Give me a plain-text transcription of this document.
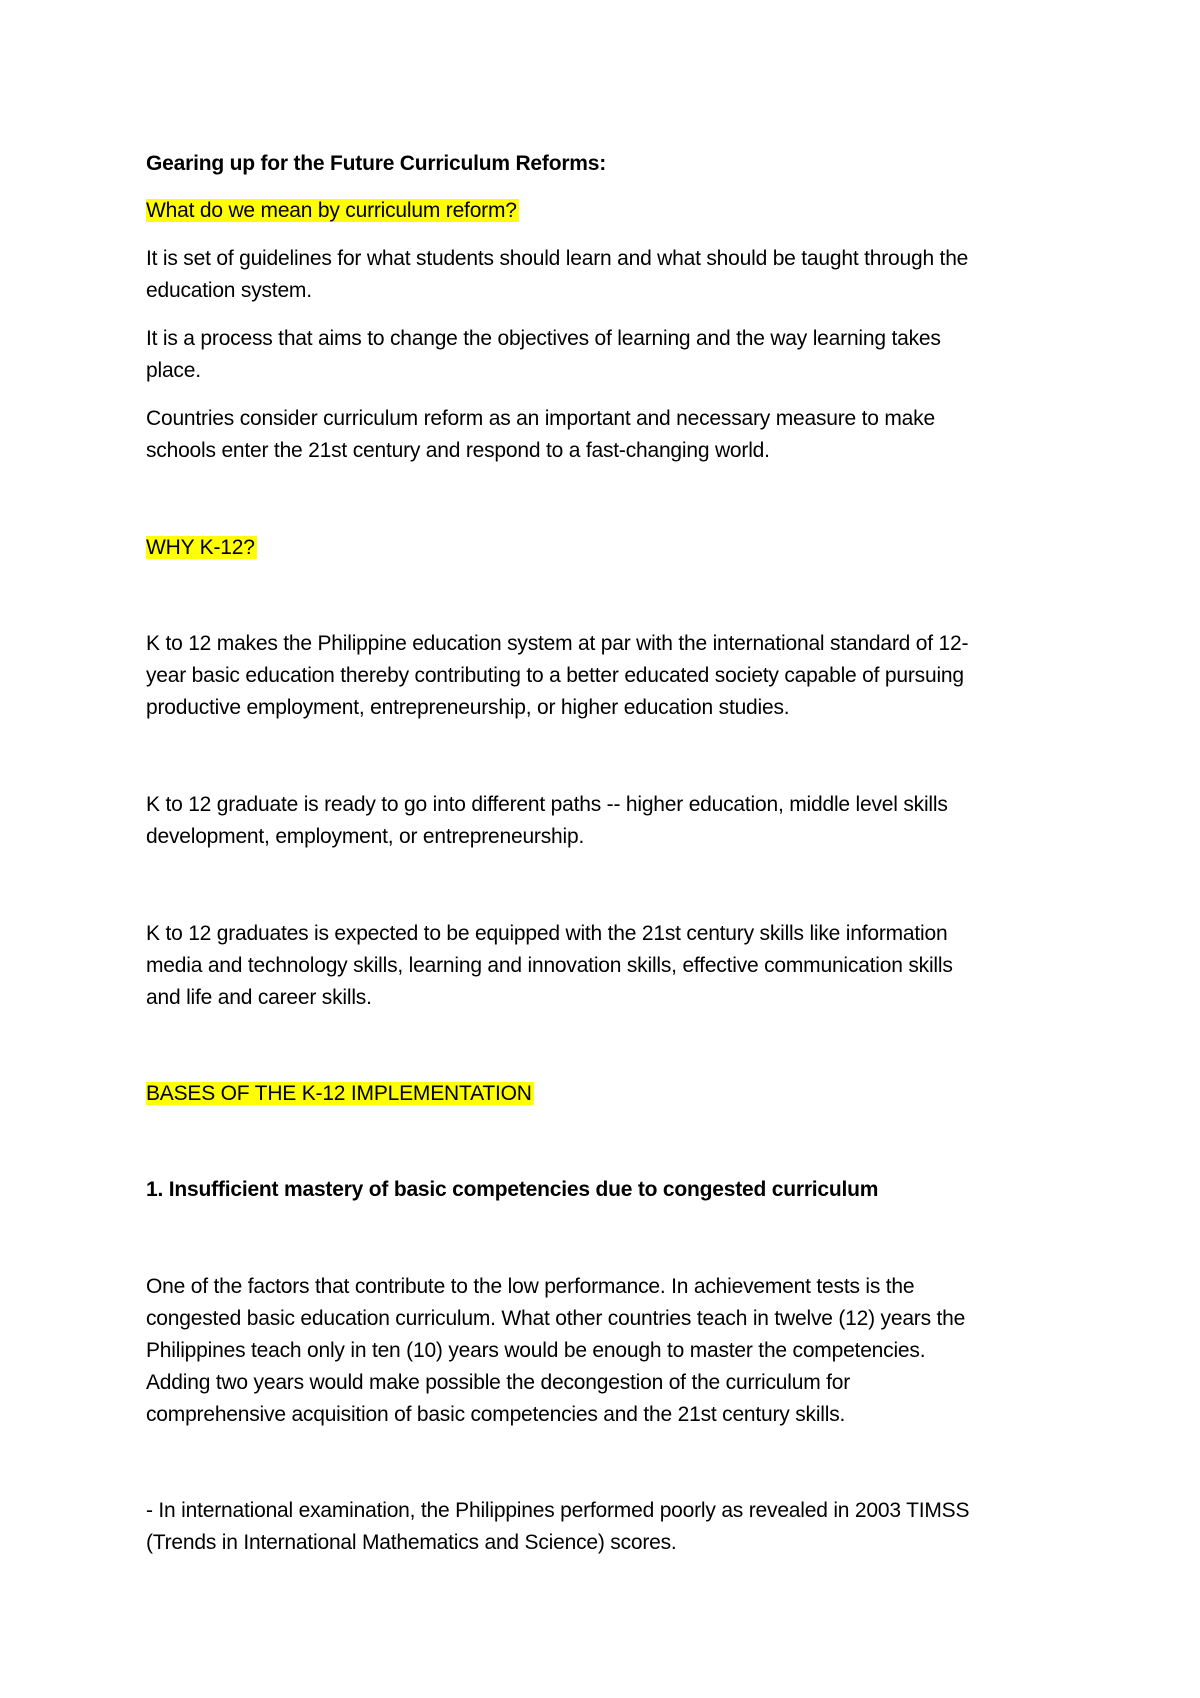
Gearing up for the Future Curriculum Reforms:
What do we mean by curriculum reform?
It is set of guidelines for what students should learn and what should be taught through the
education system.
It is a process that aims to change the objectives of learning and the way learning takes
place.
Countries consider curriculum reform as an important and necessary measure to make
schools enter the 21st century and respond to a fast-changing world.
WHY K-12?
K to 12 makes the Philippine education system at par with the international standard of 12-
year basic education thereby contributing to a better educated society capable of pursuing
productive employment, entrepreneurship, or higher education studies.
K to 12 graduate is ready to go into different paths -- higher education, middle level skills
development, employment, or entrepreneurship.
K to 12 graduates is expected to be equipped with the 21st century skills like information
media and technology skills, learning and innovation skills, effective communication skills
and life and career skills.
BASES OF THE K-12 IMPLEMENTATION
1. Insufficient mastery of basic competencies due to congested curriculum
One of the factors that contribute to the low performance. In achievement tests is the
congested basic education curriculum. What other countries teach in twelve (12) years the
Philippines teach only in ten (10) years would be enough to master the competencies.
Adding two years would make possible the decongestion of the curriculum for
comprehensive acquisition of basic competencies and the 21st century skills.
- In international examination, the Philippines performed poorly as revealed in 2003 TIMSS
(Trends in International Mathematics and Science) scores.
